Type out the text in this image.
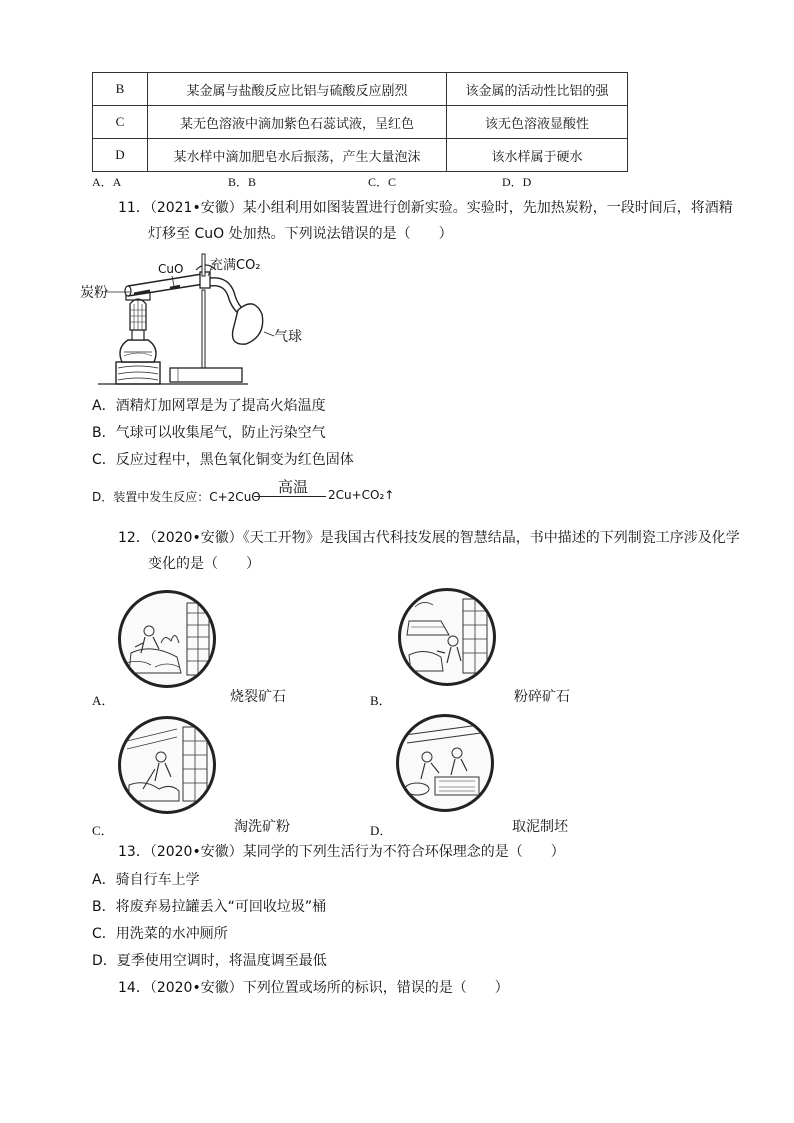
B	某金属与盐酸反应比铝与硫酸反应剧烈	该金属的活动性比铝的强
C	某无色溶液中滴加紫色石蕊试液，呈红色	该无色溶液显酸性
D	某水样中滴加肥皂水后振荡，产生大量泡沫	该水样属于硬水
A．A	B．B	C．C	D．D
11．（2021•安徽）某小组利用如图装置进行创新实验。实验时，先加热炭粉，一段时间后，将酒精
灯移至 CuO 处加热。下列说法错误的是（　　）
CuO 充满CO₂
炭粉
气球
A．酒精灯加网罩是为了提高火焰温度
B．气球可以收集尾气，防止污染空气
C．反应过程中，黑色氧化铜变为红色固体
D．装置中发生反应：C+2CuO
高温 2Cu+CO₂↑
12．（2020•安徽）《天工开物》是我国古代科技发展的智慧结晶，书中描述的下列制瓷工序涉及化学
变化的是（　　）
A．	烧裂矿石	B．	粉碎矿石
C．	淘洗矿粉	D．	取泥制坯
13．（2020•安徽）某同学的下列生活行为不符合环保理念的是（　　）
A．骑自行车上学
B．将废弃易拉罐丢入“可回收垃圾”桶
C．用洗菜的水冲厕所
D．夏季使用空调时，将温度调至最低
14．（2020•安徽）下列位置或场所的标识，错误的是（　　）
